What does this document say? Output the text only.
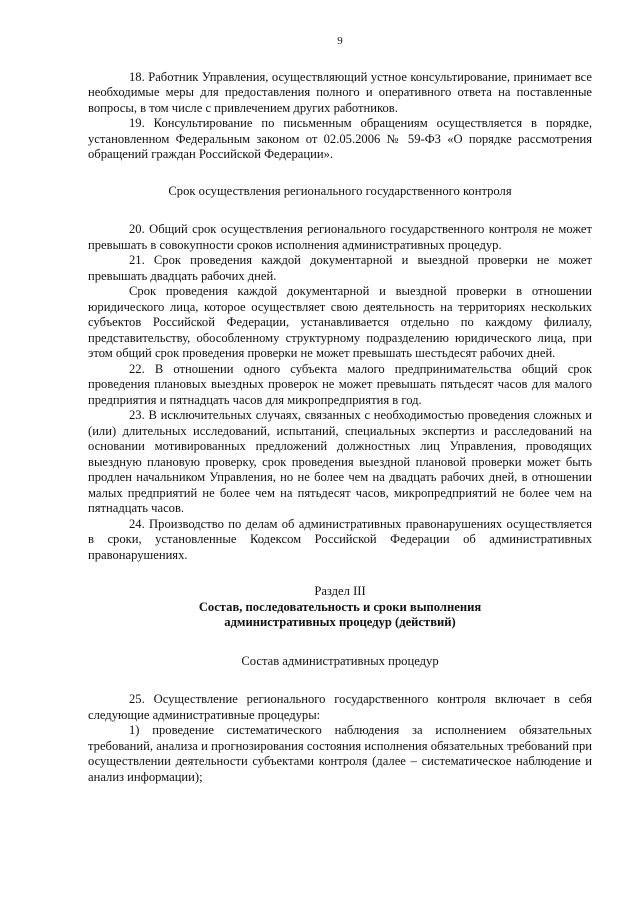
9

18. Работник Управления, осуществляющий устное консультирование, принимает все необходимые меры для предоставления полного и оперативного ответа на поставленные вопросы, в том числе с привлечением других работников.

19. Консультирование по письменным обращениям осуществляется в порядке, установленном Федеральным законом от 02.05.2006 № 59-ФЗ «О порядке рассмотрения обращений граждан Российской Федерации».

Срок осуществления регионального государственного контроля

20. Общий срок осуществления регионального государственного контроля не может превышать в совокупности сроков исполнения административных процедур.

21. Срок проведения каждой документарной и выездной проверки не может превышать двадцать рабочих дней.

Срок проведения каждой документарной и выездной проверки в отношении юридического лица, которое осуществляет свою деятельность на территориях нескольких субъектов Российской Федерации, устанавливается отдельно по каждому филиалу, представительству, обособленному структурному подразделению юридического лица, при этом общий срок проведения проверки не может превышать шестьдесят рабочих дней.

22. В отношении одного субъекта малого предпринимательства общий срок проведения плановых выездных проверок не может превышать пятьдесят часов для малого предприятия и пятнадцать часов для микропредприятия в год.

23. В исключительных случаях, связанных с необходимостью проведения сложных и (или) длительных исследований, испытаний, специальных экспертиз и расследований на основании мотивированных предложений должностных лиц Управления, проводящих выездную плановую проверку, срок проведения выездной плановой проверки может быть продлен начальником Управления, но не более чем на двадцать рабочих дней, в отношении малых предприятий не более чем на пятьдесят часов, микропредприятий не более чем на пятнадцать часов.

24. Производство по делам об административных правонарушениях осуществляется в сроки, установленные Кодексом Российской Федерации об административных правонарушениях.

Раздел III
Состав, последовательность и сроки выполнения
административных процедур (действий)
Состав административных процедур

25. Осуществление регионального государственного контроля включает в себя следующие административные процедуры:

1) проведение систематического наблюдения за исполнением обязательных требований, анализа и прогнозирования состояния исполнения обязательных требований при осуществлении деятельности субъектами контроля (далее – систематическое наблюдение и анализ информации);
